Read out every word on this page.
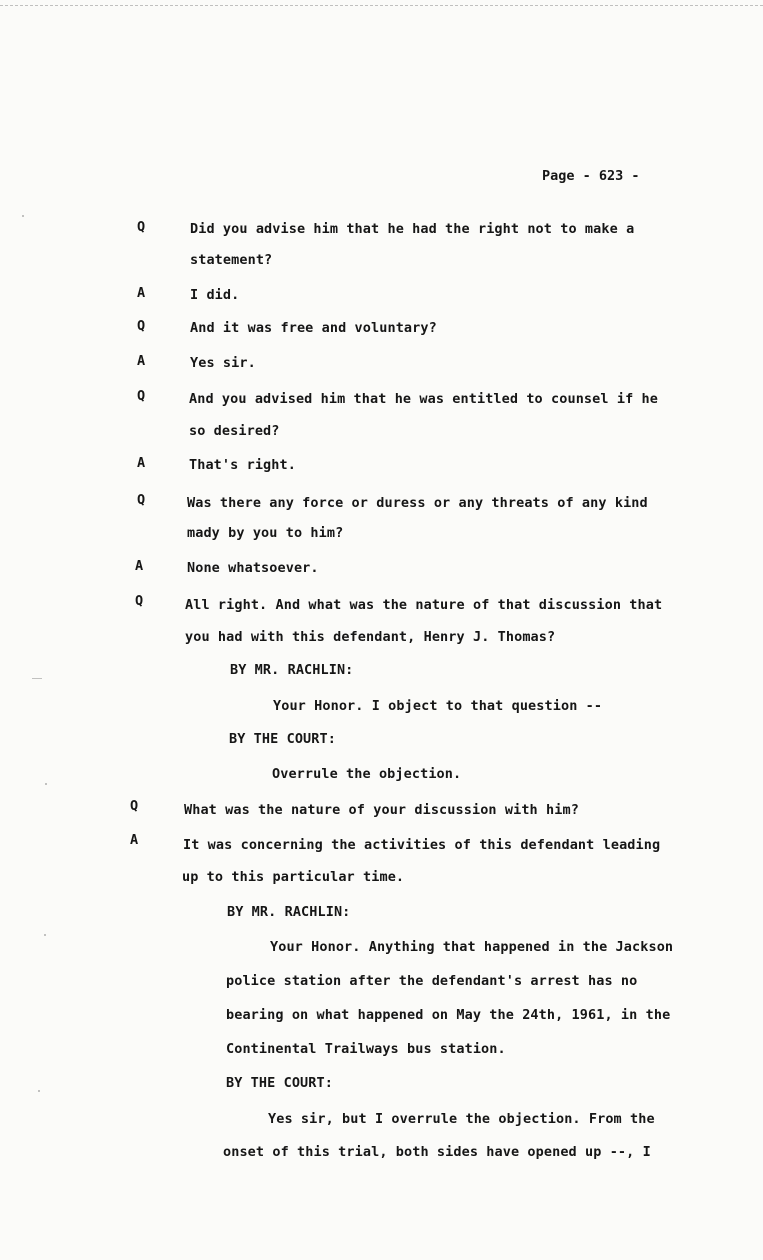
Page - 623 -
Q	Did you advise him that he had the right not to make a
statement?
A	I did.
Q	And it was free and voluntary?
A	Yes sir.
Q	And you advised him that he was entitled to counsel if he
so desired?
A	That's right.
Q	Was there any force or duress or any threats of any kind
mady by you to him?
A	None whatsoever.
Q	All right. And what was the nature of that discussion that
you had with this defendant, Henry J. Thomas?
BY MR. RACHLIN:
Your Honor. I object to that question --
BY THE COURT:
Overrule the objection.
Q	What was the nature of your discussion with him?
A	It was concerning the activities of this defendant leading
up to this particular time.
BY MR. RACHLIN:
Your Honor. Anything that happened in the Jackson
police station after the defendant's arrest has no
bearing on what happened on May the 24th, 1961, in the
Continental Trailways bus station.
BY THE COURT:
Yes sir, but I overrule the objection. From the
onset of this trial, both sides have opened up --, I
